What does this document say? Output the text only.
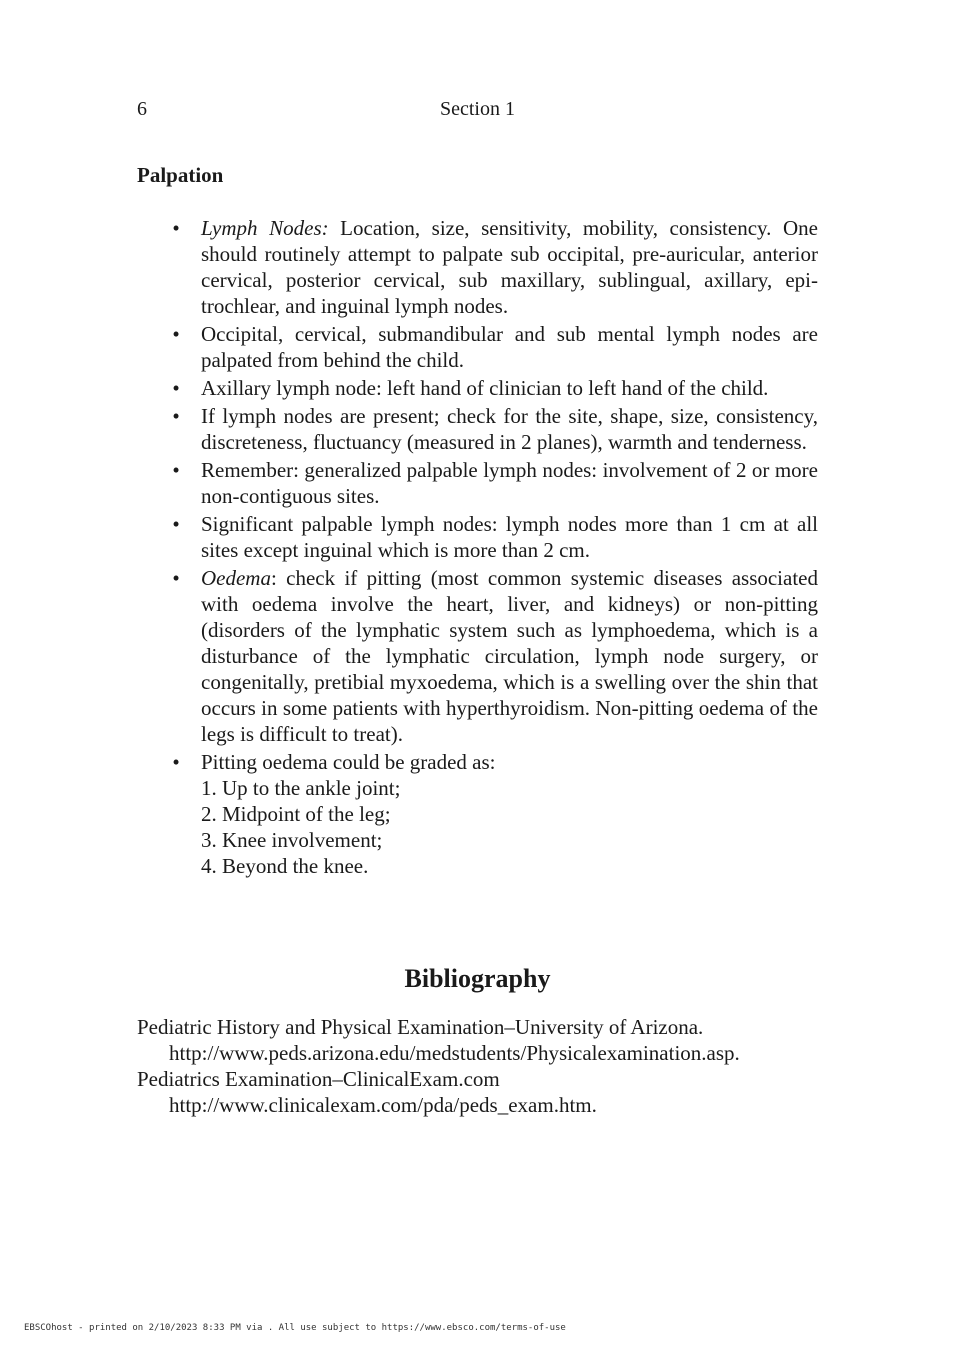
6	Section 1
Palpation
• Lymph Nodes: Location, size, sensitivity, mobility, consistency. One should routinely attempt to palpate sub occipital, pre-auricular, anterior cervical, posterior cervical, sub maxillary, sublingual, axillary, epi-trochlear, and inguinal lymph nodes.
• Occipital, cervical, submandibular and sub mental lymph nodes are palpated from behind the child.
• Axillary lymph node: left hand of clinician to left hand of the child.
• If lymph nodes are present; check for the site, shape, size, consistency, discreteness, fluctuancy (measured in 2 planes), warmth and tenderness.
• Remember: generalized palpable lymph nodes: involvement of 2 or more non-contiguous sites.
• Significant palpable lymph nodes: lymph nodes more than 1 cm at all sites except inguinal which is more than 2 cm.
• Oedema: check if pitting (most common systemic diseases associated with oedema involve the heart, liver, and kidneys) or non-pitting (disorders of the lymphatic system such as lymphoedema, which is a disturbance of the lymphatic circulation, lymph node surgery, or congenitally, pretibial myxoedema, which is a swelling over the shin that occurs in some patients with hyperthyroidism. Non-pitting oedema of the legs is difficult to treat).
• Pitting oedema could be graded as:
1. Up to the ankle joint;
2. Midpoint of the leg;
3. Knee involvement;
4. Beyond the knee.
Bibliography
Pediatric History and Physical Examination–University of Arizona.
http://www.peds.arizona.edu/medstudents/Physicalexamination.asp.
Pediatrics Examination–ClinicalExam.com
http://www.clinicalexam.com/pda/peds_exam.htm.
EBSCOhost - printed on 2/10/2023 8:33 PM via . All use subject to https://www.ebsco.com/terms-of-use
